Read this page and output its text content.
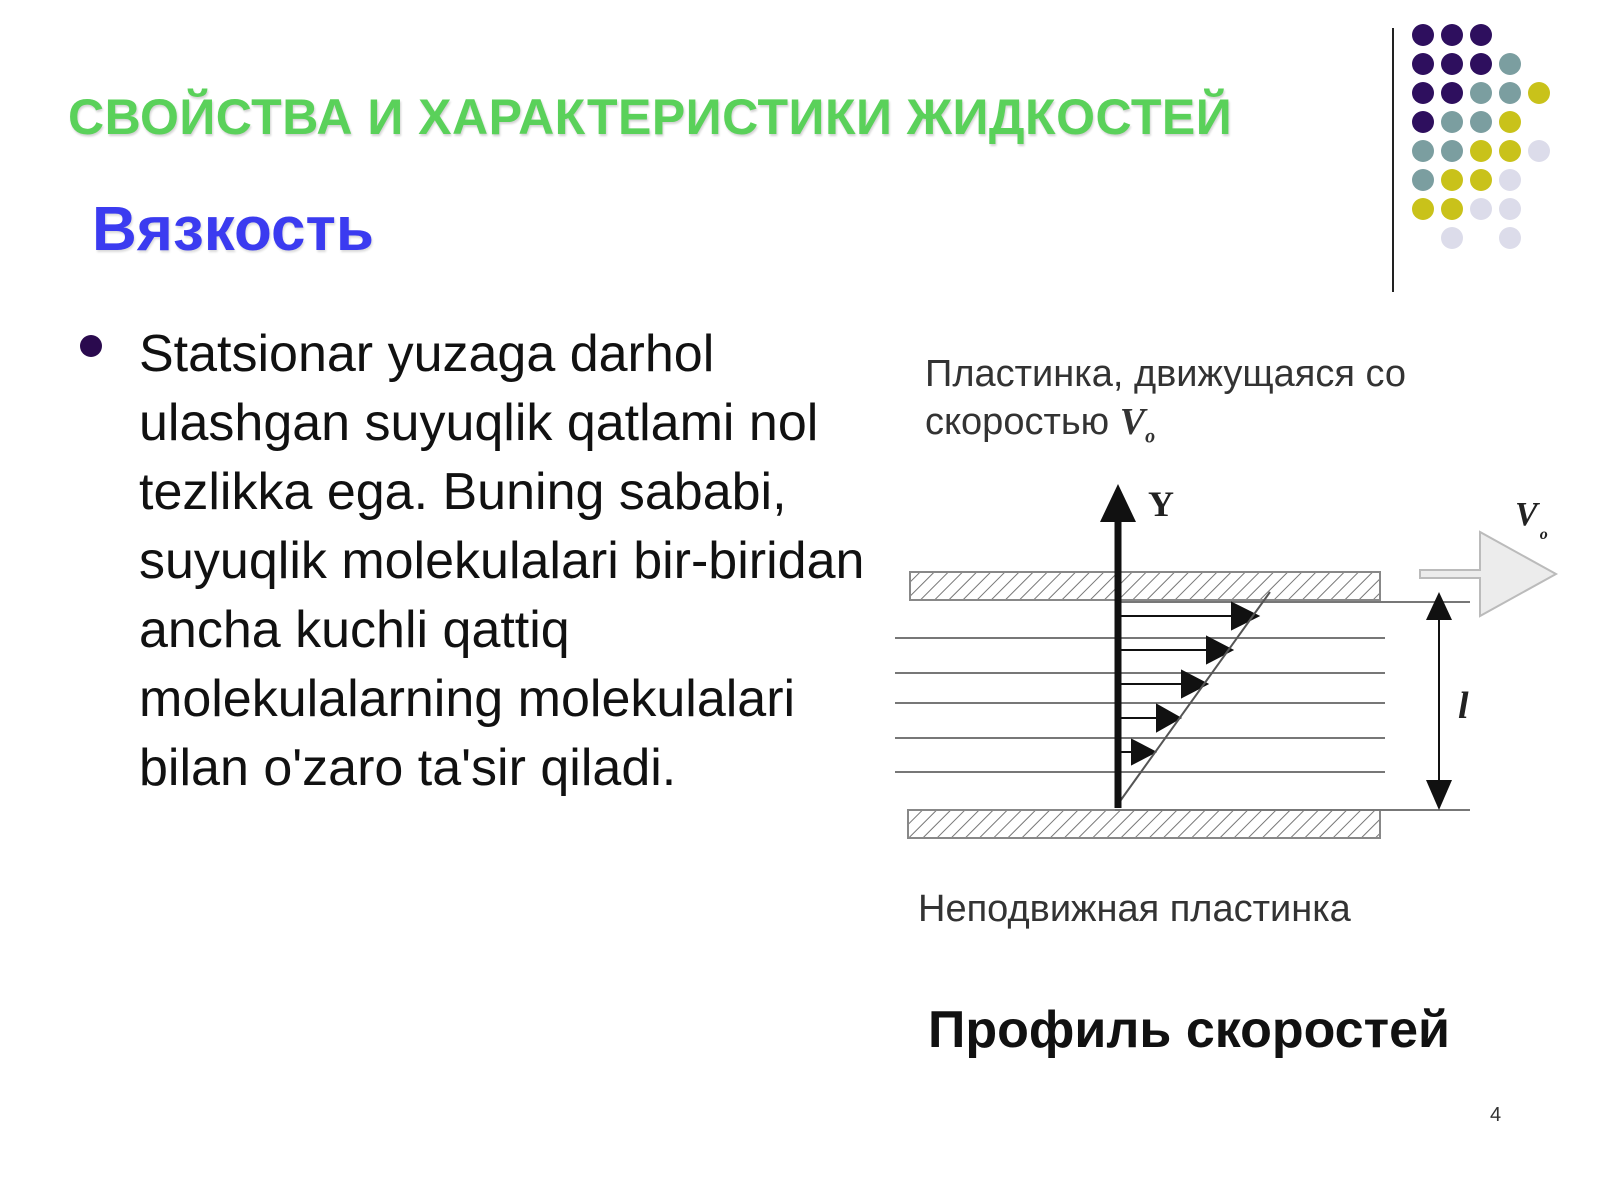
СВОЙСТВА И ХАРАКТЕРИСТИКИ ЖИДКОСТЕЙ
Вязкость
Statsionar yuzaga darhol ulashgan suyuqlik qatlami nol tezlikka ega. Buning sababi, suyuqlik molekulalari bir-biridan ancha kuchli qattiq molekulalarning molekulalari bilan o'zaro ta'sir qiladi.
Пластинка, движущаяся со
скоростью $V_o$
Y	$V_o$
l
Неподвижная пластинка
Профиль скоростей
4
